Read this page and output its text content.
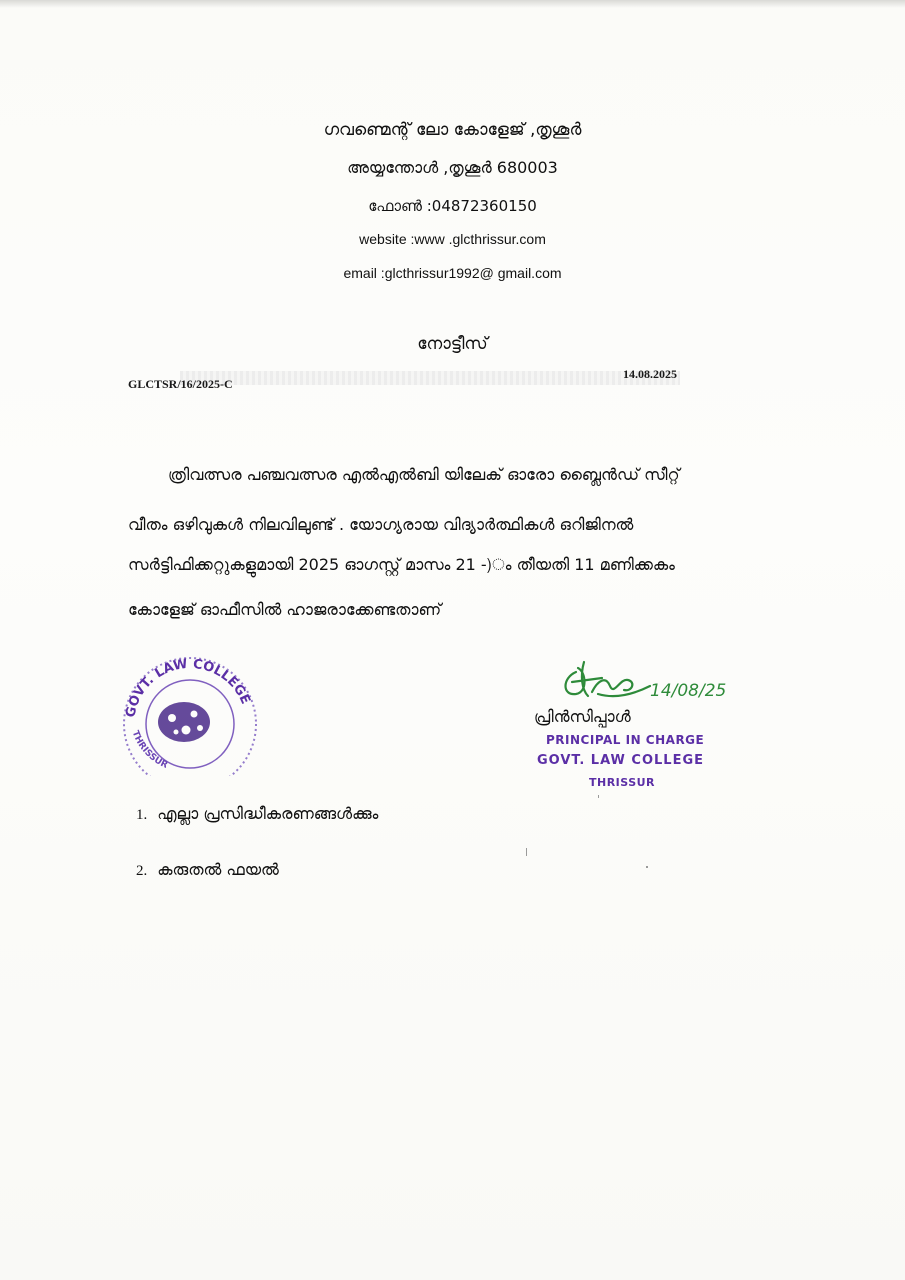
ഗവണ്മെന്റ് ലോ കോളേജ് ,തൃശൂർ
അയ്യന്തോൾ ,തൃശൂർ 680003
ഫോൺ :04872360150
website :www .glcthrissur.com
email :glcthrissur1992@ gmail.com
നോട്ടീസ്
GLCTSR/16/2025-C
14.08.2025
ത്രിവത്സര പഞ്ചവത്സര എൽഎൽബി യിലേക് ഓരോ ബ്ലൈൻഡ് സീറ്റ്
വീതം ഒഴിവുകൾ നിലവിലുണ്ട് . യോഗ്യരായ വിദ്യാർത്ഥികൾ ഒറിജിനൽ
സർട്ടിഫിക്കറ്റുകളുമായി 2025 ഓഗസ്റ്റ് മാസം 21 -)ം തീയതി 11 മണിക്കകം
കോളേജ് ഓഫീസിൽ ഹാജരാക്കേണ്ടതാണ്
GOVT. LAW COLLEGE
THRISSUR
14/08/25
പ്രിൻസിപ്പാൾ
PRINCIPAL IN CHARGE
GOVT. LAW COLLEGE
THRISSUR
1. എല്ലാ പ്രസിദ്ധീകരണങ്ങൾക്കും
2. കരുതൽ ഫയൽ
